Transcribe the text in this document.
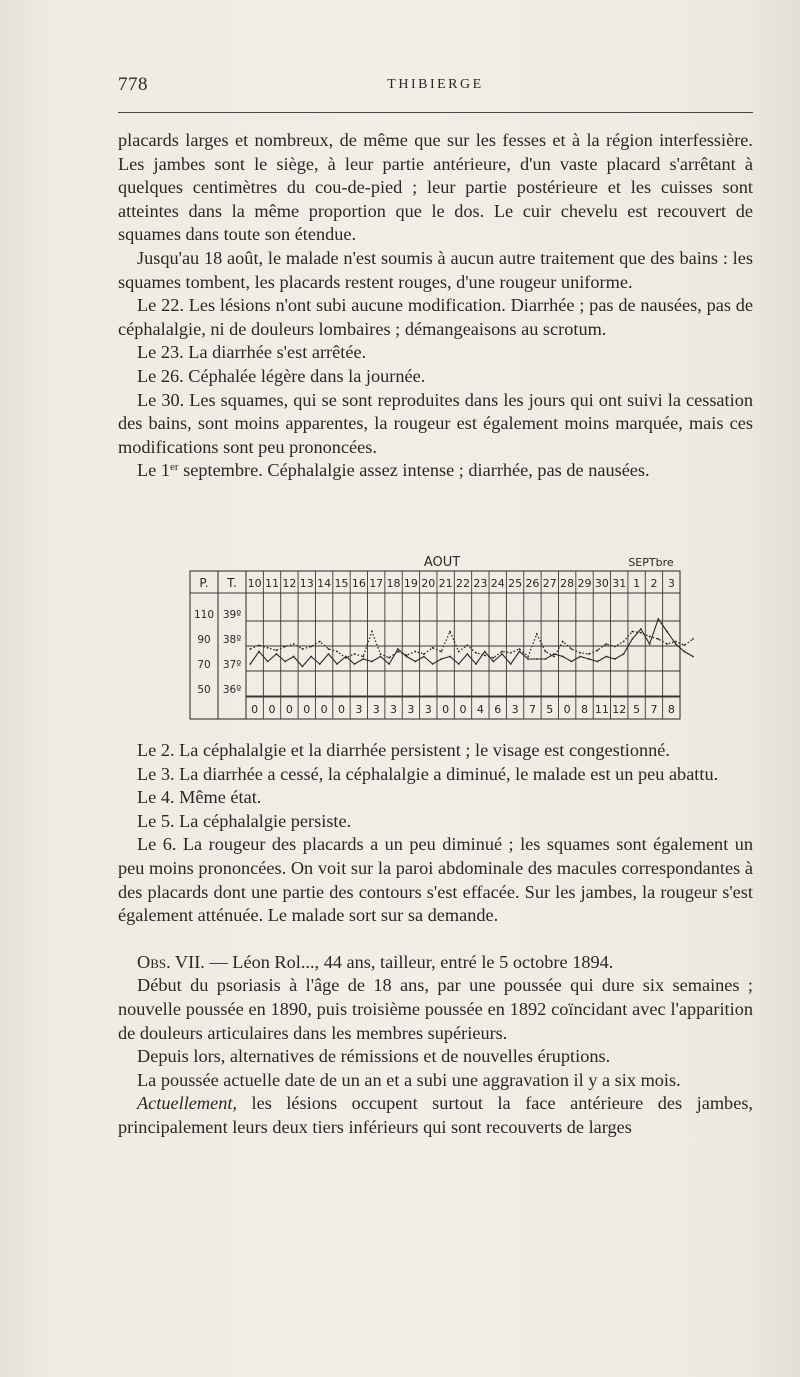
778	THIBIERGE

placards larges et nombreux, de même que sur les fesses et à la région interfessière. Les jambes sont le siège, à leur partie antérieure, d'un vaste placard s'arrêtant à quelques centimètres du cou-de-pied ; leur partie postérieure et les cuisses sont atteintes dans la même proportion que le dos. Le cuir chevelu est recouvert de squames dans toute son étendue.

Jusqu'au 18 août, le malade n'est soumis à aucun autre traitement que des bains : les squames tombent, les placards restent rouges, d'une rougeur uniforme.

Le 22. Les lésions n'ont subi aucune modification. Diarrhée ; pas de nausées, pas de céphalalgie, ni de douleurs lombaires ; démangeaisons au scrotum.

Le 23. La diarrhée s'est arrêtée.

Le 26. Céphalée légère dans la journée.

Le 30. Les squames, qui se sont reproduites dans les jours qui ont suivi la cessation des bains, sont moins apparentes, la rougeur est également moins marquée, mais ces modifications sont peu prononcées.

Le 1er septembre. Céphalalgie assez intense ; diarrhée, pas de nausées.

AOUT	SEPTbre
P. T.
110
90
70
50
39º
38º
37º
36º
10 11 12 13 14 15 16 17 18 19 20 21 22 23 24 25 26 27 28 29 30 31 1 2 3
0 0 0 0 0 0 3 3 3 3 3 0 0 4 6 3 7 5 0 8 11 12 5 7 8

Le 2. La céphalalgie et la diarrhée persistent ; le visage est congestionné.

Le 3. La diarrhée a cessé, la céphalalgie a diminué, le malade est un peu abattu.

Le 4. Même état.

Le 5. La céphalalgie persiste.

Le 6. La rougeur des placards a un peu diminué ; les squames sont également un peu moins prononcées. On voit sur la paroi abdominale des macules correspondantes à des placards dont une partie des contours s'est effacée. Sur les jambes, la rougeur s'est également atténuée. Le malade sort sur sa demande.

Obs. VII. — Léon Rol..., 44 ans, tailleur, entré le 5 octobre 1894.

Début du psoriasis à l'âge de 18 ans, par une poussée qui dure six semaines ; nouvelle poussée en 1890, puis troisième poussée en 1892 coïncidant avec l'apparition de douleurs articulaires dans les membres supérieurs.

Depuis lors, alternatives de rémissions et de nouvelles éruptions.

La poussée actuelle date de un an et a subi une aggravation il y a six mois.

Actuellement, les lésions occupent surtout la face antérieure des jambes, principalement leurs deux tiers inférieurs qui sont recouverts de larges
